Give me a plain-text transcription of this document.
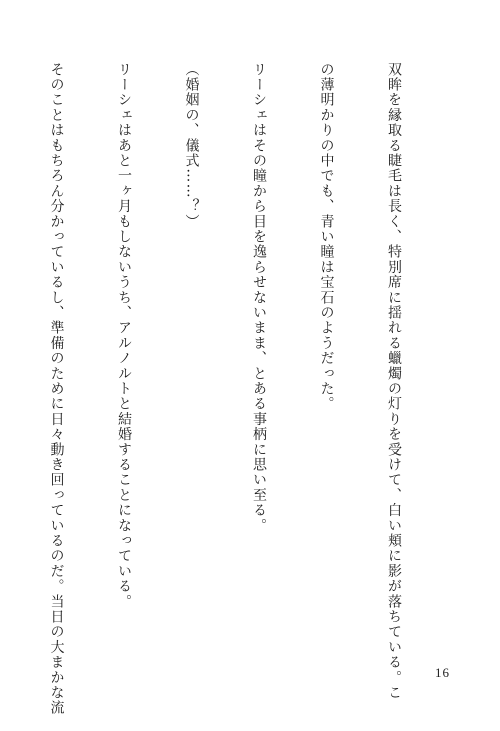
双眸を縁取る睫毛は長く、特別席に揺れる蠟燭の灯りを受けて、白い頬に影が落ちている。こ

の薄明かりの中でも、青い瞳は宝石のようだった。

リーシェはその瞳から目を逸らせないまま、とある事柄に思い至る。

（婚姻の、儀式……？）

リーシェはあと一ヶ月もしないうち、アルノルトと結婚することになっている。

そのことはもちろん分かっているし、準備のために日々動き回っているのだ。当日の大まかな流

	16
